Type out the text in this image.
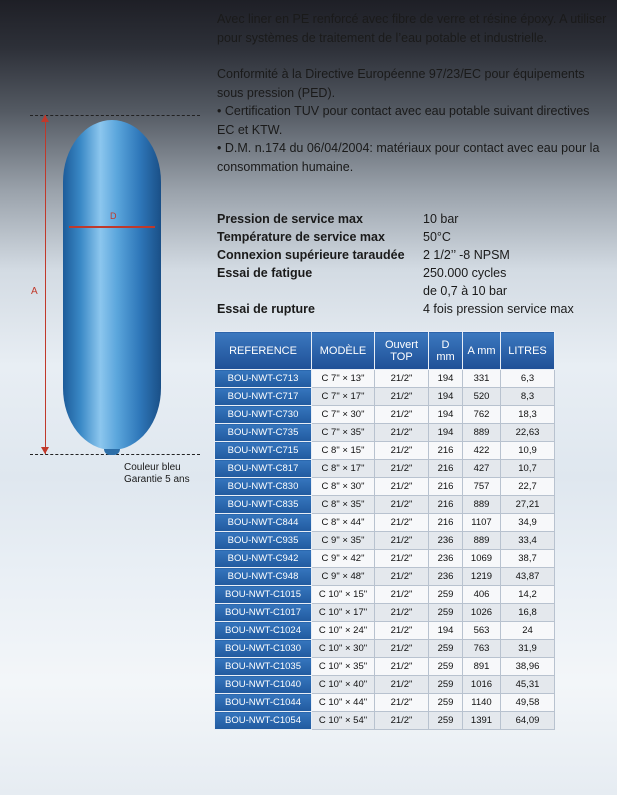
Avec liner en PE renforcé avec fibre de verre et résine époxy. A utiliser pour systèmes de traitement de l’eau potable et industrielle.

Conformité à la Directive Européenne 97/23/EC pour équipements sous pression (PED).

• Certification TUV pour contact avec eau potable suivant directives EC et KTW.

• D.M. n.174 du 06/04/2004: matériaux pour contact avec eau pour la consommation humaine.

Pression de service max	10 bar
Température de service max	50°C
Connexion supérieure taraudée	2 1/2’’ -8 NPSM
Essai de fatigue	250.000 cycles
de 0,7 à 10 bar
Essai de rupture	4 fois pression service max
A
D
Couleur bleu
Garantie 5 ans
REFERENCE	MODÈLE	Ouvert TOP	D mm	A mm	LITRES
BOU-NWT-C713	C 7" × 13"	21/2"	194	331	6,3
BOU-NWT-C717	C 7" × 17"	21/2"	194	520	8,3
BOU-NWT-C730	C 7" × 30"	21/2"	194	762	18,3
BOU-NWT-C735	C 7" × 35"	21/2"	194	889	22,63
BOU-NWT-C715	C 8" × 15"	21/2"	216	422	10,9
BOU-NWT-C817	C 8" × 17"	21/2"	216	427	10,7
BOU-NWT-C830	C 8" × 30"	21/2"	216	757	22,7
BOU-NWT-C835	C 8" × 35"	21/2"	216	889	27,21
BOU-NWT-C844	C 8" × 44"	21/2"	216	1107	34,9
BOU-NWT-C935	C 9" × 35"	21/2"	236	889	33,4
BOU-NWT-C942	C 9" × 42"	21/2"	236	1069	38,7
BOU-NWT-C948	C 9" × 48"	21/2"	236	1219	43,87
BOU-NWT-C1015	C 10" × 15"	21/2"	259	406	14,2
BOU-NWT-C1017	C 10" × 17"	21/2"	259	1026	16,8
BOU-NWT-C1024	C 10" × 24"	21/2"	194	563	24
BOU-NWT-C1030	C 10" × 30"	21/2"	259	763	31,9
BOU-NWT-C1035	C 10" × 35"	21/2"	259	891	38,96
BOU-NWT-C1040	C 10" × 40"	21/2"	259	1016	45,31
BOU-NWT-C1044	C 10" × 44"	21/2"	259	1140	49,58
BOU-NWT-C1054	C 10" × 54"	21/2"	259	1391	64,09
